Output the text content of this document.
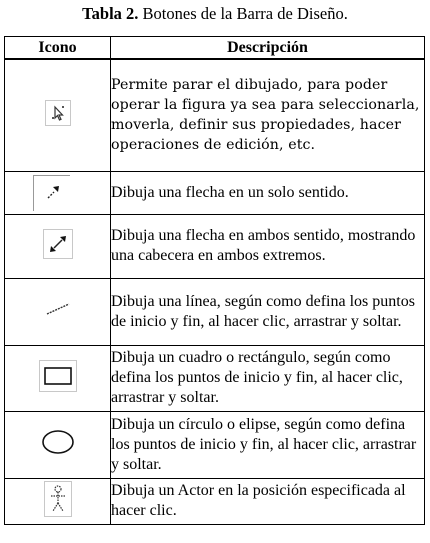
Tabla 2. Botones de la Barra de Diseño.
Icono	Descripción

	Permite parar el dibujado, para poder operar la figura ya sea para seleccionarla, moverla, definir sus propiedades, hacer operaciones de edición, etc.
	Dibuja una flecha en un solo sentido.

	Dibuja una flecha en ambos sentido, mostrando una cabecera en ambos extremos.
	Dibuja una línea, según como defina los puntos de inicio y fin, al hacer clic, arrastrar y soltar.

	Dibuja un cuadro o rectángulo, según como defina los puntos de inicio y fin, al hacer clic, arrastrar y soltar.
	Dibuja un círculo o elipse, según como defina los puntos de inicio y fin, al hacer clic, arrastrar y soltar.

	Dibuja un Actor en la posición especificada al hacer clic.
